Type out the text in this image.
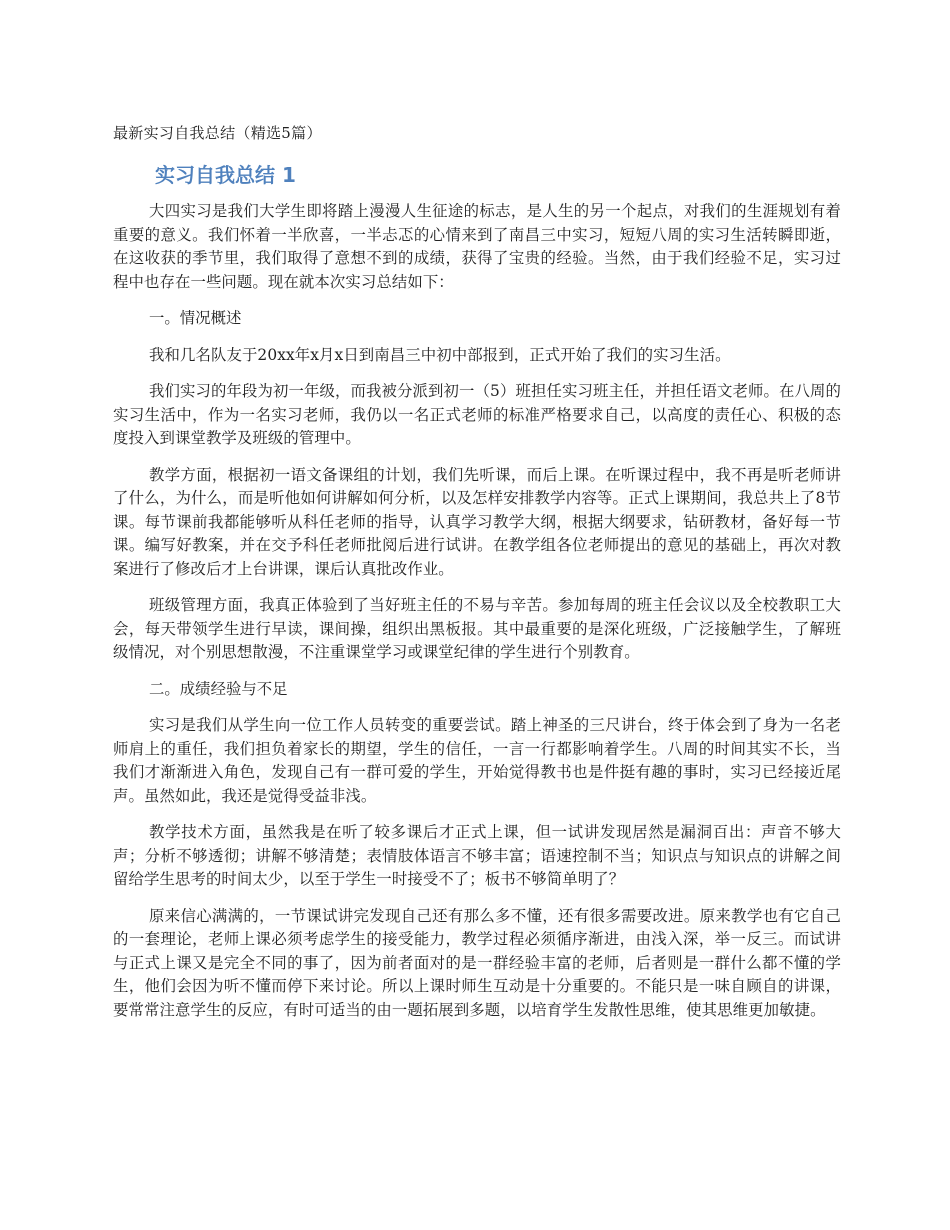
最新实习自我总结（精选5篇）
实习自我总结 1

大四实习是我们大学生即将踏上漫漫人生征途的标志，是人生的另一个起点，对我们的生涯规划有着重要的意义。我们怀着一半欣喜，一半忐忑的心情来到了南昌三中实习，短短八周的实习生活转瞬即逝，在这收获的季节里，我们取得了意想不到的成绩，获得了宝贵的经验。当然，由于我们经验不足，实习过程中也存在一些问题。现在就本次实习总结如下：

一。情况概述

我和几名队友于20xx年x月x日到南昌三中初中部报到，正式开始了我们的实习生活。

我们实习的年段为初一年级，而我被分派到初一（5）班担任实习班主任，并担任语文老师。在八周的实习生活中，作为一名实习老师，我仍以一名正式老师的标准严格要求自己，以高度的责任心、积极的态度投入到课堂教学及班级的管理中。

教学方面，根据初一语文备课组的计划，我们先听课，而后上课。在听课过程中，我不再是听老师讲了什么，为什么，而是听他如何讲解如何分析，以及怎样安排教学内容等。正式上课期间，我总共上了8节课。每节课前我都能够听从科任老师的指导，认真学习教学大纲，根据大纲要求，钻研教材，备好每一节课。编写好教案，并在交予科任老师批阅后进行试讲。在教学组各位老师提出的意见的基础上，再次对教案进行了修改后才上台讲课，课后认真批改作业。

班级管理方面，我真正体验到了当好班主任的不易与辛苦。参加每周的班主任会议以及全校教职工大会，每天带领学生进行早读，课间操，组织出黑板报。其中最重要的是深化班级，广泛接触学生，了解班级情况，对个别思想散漫，不注重课堂学习或课堂纪律的学生进行个别教育。

二。成绩经验与不足

实习是我们从学生向一位工作人员转变的重要尝试。踏上神圣的三尺讲台，终于体会到了身为一名老师肩上的重任，我们担负着家长的期望，学生的信任，一言一行都影响着学生。八周的时间其实不长，当我们才渐渐进入角色，发现自己有一群可爱的学生，开始觉得教书也是件挺有趣的事时，实习已经接近尾声。虽然如此，我还是觉得受益非浅。

教学技术方面，虽然我是在听了较多课后才正式上课，但一试讲发现居然是漏洞百出：声音不够大声；分析不够透彻；讲解不够清楚；表情肢体语言不够丰富；语速控制不当；知识点与知识点的讲解之间留给学生思考的时间太少，以至于学生一时接受不了；板书不够简单明了？

原来信心满满的，一节课试讲完发现自己还有那么多不懂，还有很多需要改进。原来教学也有它自己的一套理论，老师上课必须考虑学生的接受能力，教学过程必须循序渐进，由浅入深，举一反三。而试讲与正式上课又是完全不同的事了，因为前者面对的是一群经验丰富的老师，后者则是一群什么都不懂的学生，他们会因为听不懂而停下来讨论。所以上课时师生互动是十分重要的。不能只是一味自顾自的讲课，要常常注意学生的反应，有时可适当的由一题拓展到多题，以培育学生发散性思维，使其思维更加敏捷。
